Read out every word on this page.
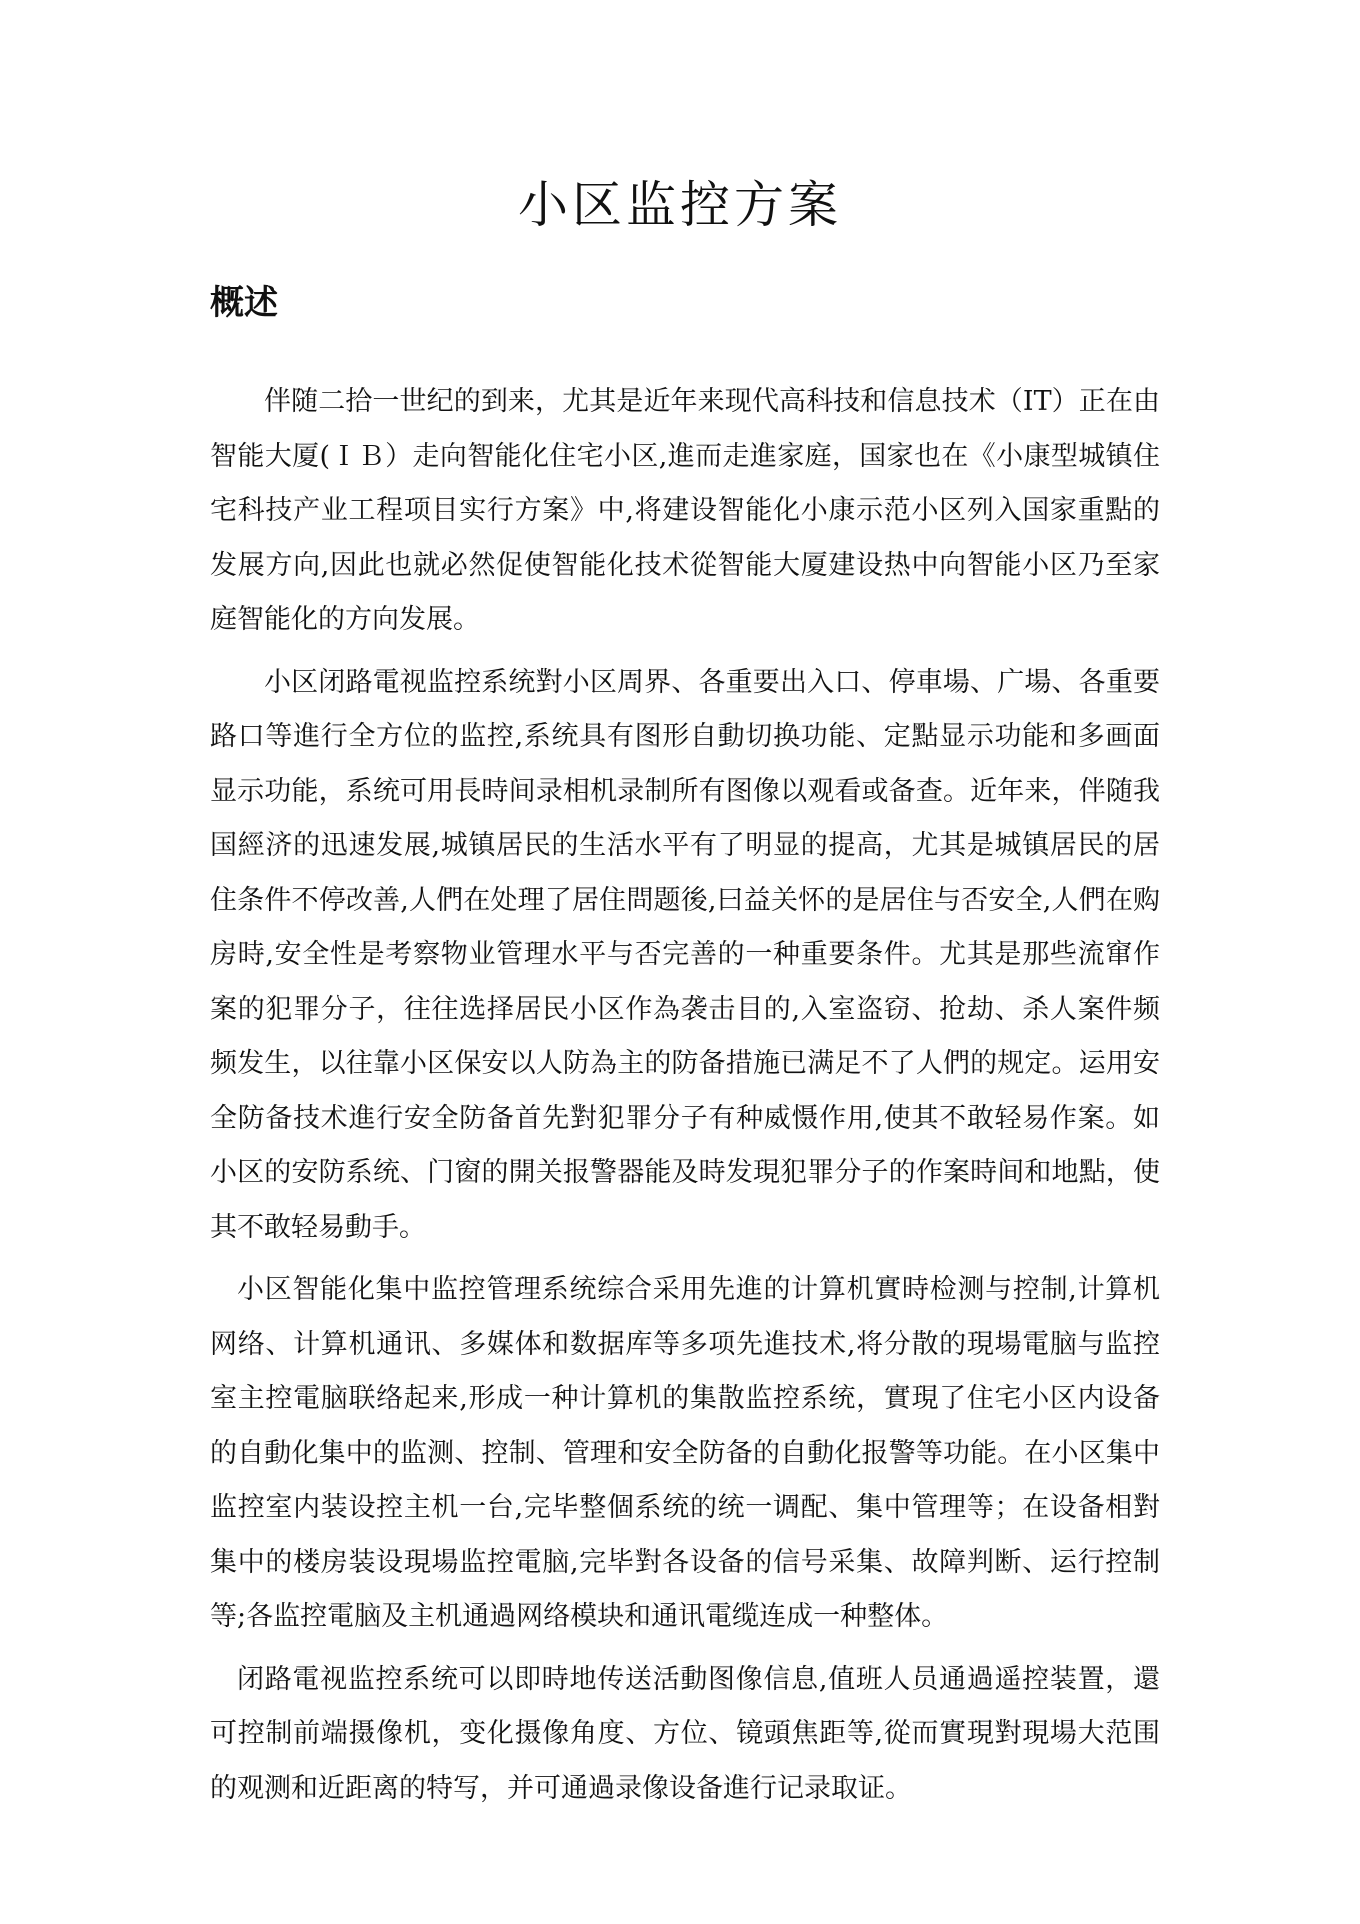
小区监控方案
概述

伴随二拾一世纪的到来，尤其是近年来现代高科技和信息技术（IT）正在由智能大厦(ＩＢ）走向智能化住宅小区,進而走進家庭，国家也在《小康型城镇住宅科技产业工程项目实行方案》中,将建设智能化小康示范小区列入国家重點的发展方向,因此也就必然促使智能化技术從智能大厦建设热中向智能小区乃至家庭智能化的方向发展。

小区闭路電视监控系统對小区周界、各重要出入口、停車場、广場、各重要路口等進行全方位的监控,系统具有图形自動切换功能、定點显示功能和多画面显示功能，系统可用長時间录相机录制所有图像以观看或备查。近年来，伴随我国經济的迅速发展,城镇居民的生活水平有了明显的提高，尤其是城镇居民的居住条件不停改善,人們在处理了居住問题後,曰益关怀的是居住与否安全,人們在购房時,安全性是考察物业管理水平与否完善的一种重要条件。尤其是那些流窜作案的犯罪分子，往往选择居民小区作為袭击目的,入室盗窃、抢劫、杀人案件频频发生，以往靠小区保安以人防為主的防备措施已满足不了人們的规定。运用安全防备技术進行安全防备首先對犯罪分子有种威慑作用,使其不敢轻易作案。如小区的安防系统、门窗的開关报警器能及時发現犯罪分子的作案時间和地點，使其不敢轻易動手。

小区智能化集中监控管理系统综合采用先進的计算机實時检测与控制,计算机网络、计算机通讯、多媒体和数据库等多项先進技术,将分散的現場電脑与监控室主控電脑联络起来,形成一种计算机的集散监控系统，實現了住宅小区内设备的自動化集中的监测、控制、管理和安全防备的自動化报警等功能。在小区集中监控室内装设控主机一台,完毕整個系统的统一调配、集中管理等；在设备相對集中的楼房装设現場监控電脑,完毕對各设备的信号采集、故障判断、运行控制等;各监控電脑及主机通過网络模块和通讯電缆连成一种整体。

闭路電视监控系统可以即時地传送活動图像信息,值班人员通過遥控装置，還可控制前端摄像机，变化摄像角度、方位、镜頭焦距等,從而實現對現場大范围的观测和近距离的特写，并可通過录像设备進行记录取证。
